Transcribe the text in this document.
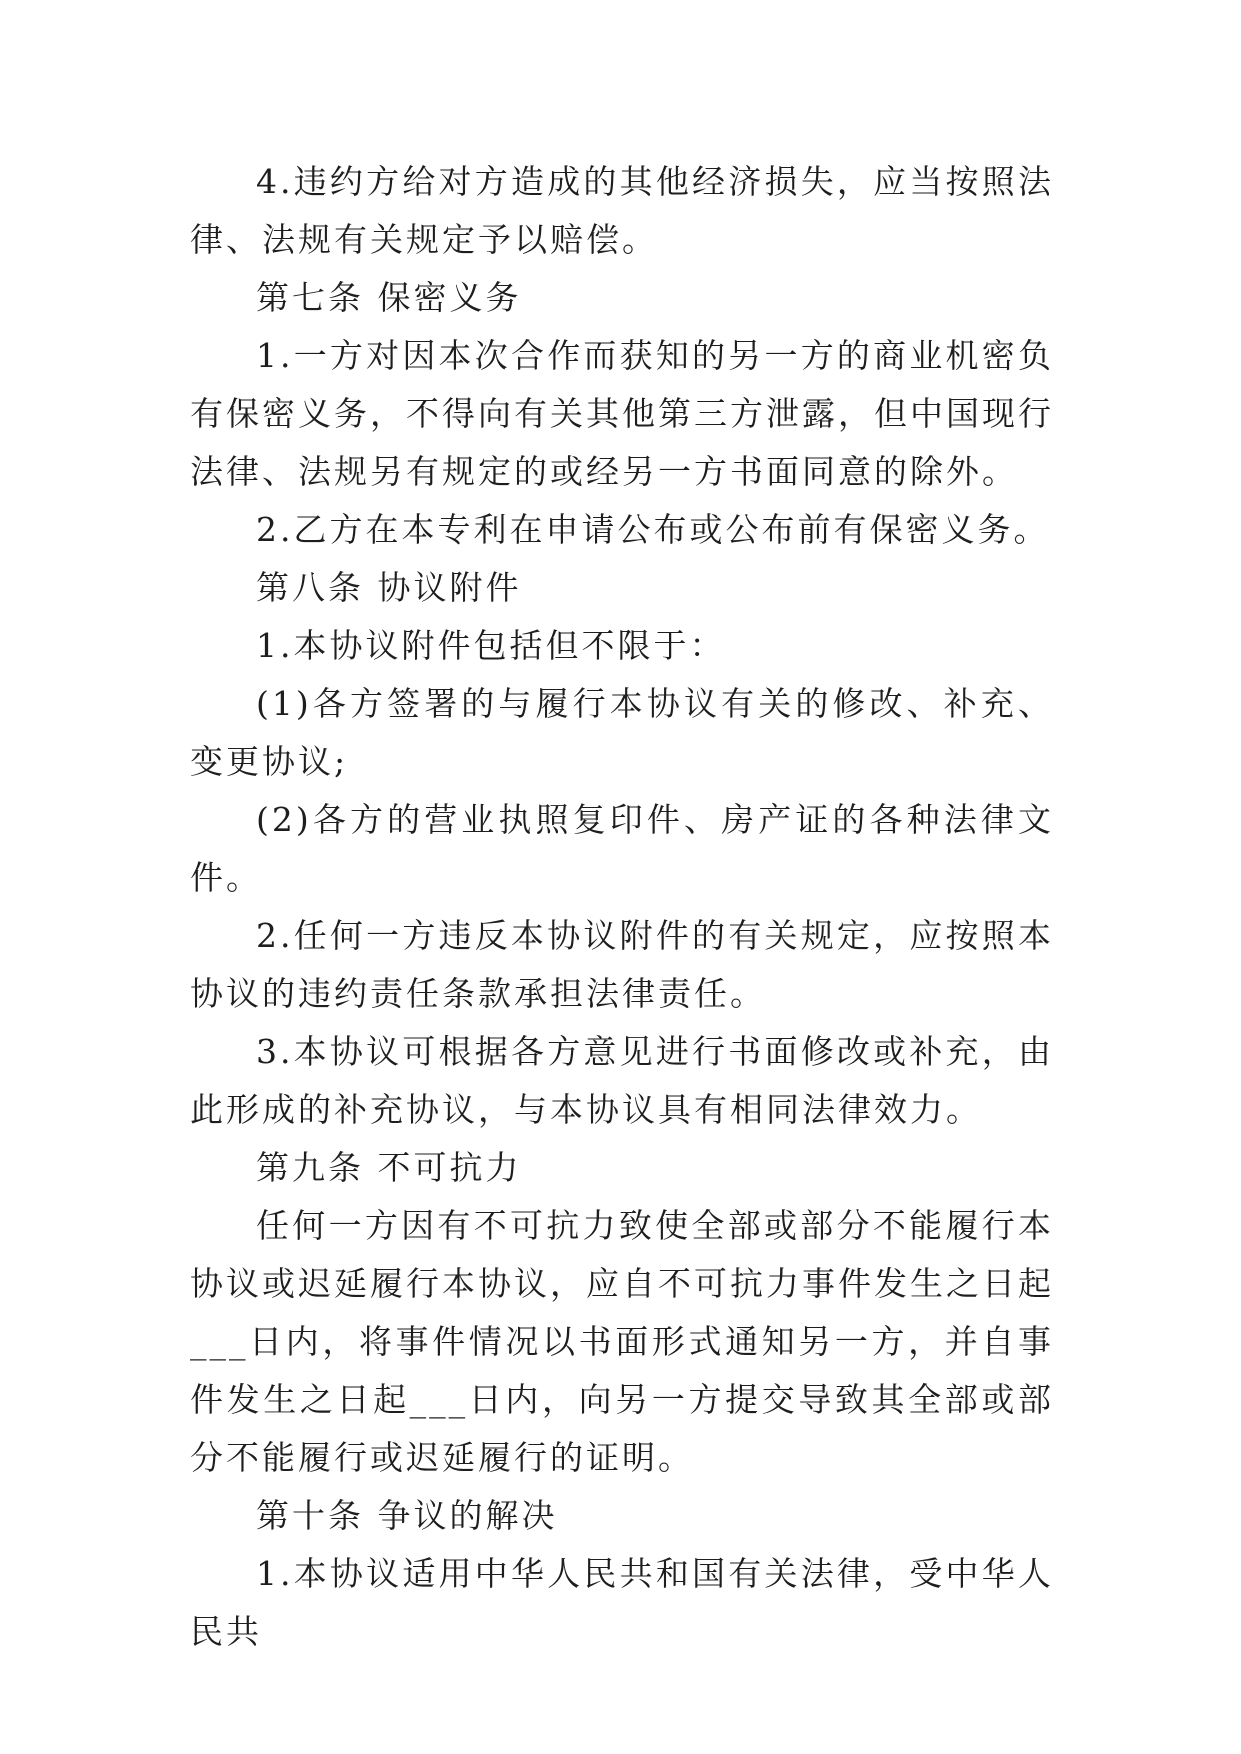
4.违约方给对方造成的其他经济损失，应当按照法律、法规有关规定予以赔偿。

第七条 保密义务

1.一方对因本次合作而获知的另一方的商业机密负有保密义务，不得向有关其他第三方泄露，但中国现行法律、法规另有规定的或经另一方书面同意的除外。

2.乙方在本专利在申请公布或公布前有保密义务。

第八条 协议附件

1.本协议附件包括但不限于：

(1)各方签署的与履行本协议有关的修改、补充、变更协议;

(2)各方的营业执照复印件、房产证的各种法律文件。

2.任何一方违反本协议附件的有关规定，应按照本协议的违约责任条款承担法律责任。

3.本协议可根据各方意见进行书面修改或补充，由此形成的补充协议，与本协议具有相同法律效力。

第九条 不可抗力

任何一方因有不可抗力致使全部或部分不能履行本协议或迟延履行本协议，应自不可抗力事件发生之日起___日内，将事件情况以书面形式通知另一方，并自事件发生之日起___日内，向另一方提交导致其全部或部分不能履行或迟延履行的证明。

第十条 争议的解决

1.本协议适用中华人民共和国有关法律，受中华人民共
